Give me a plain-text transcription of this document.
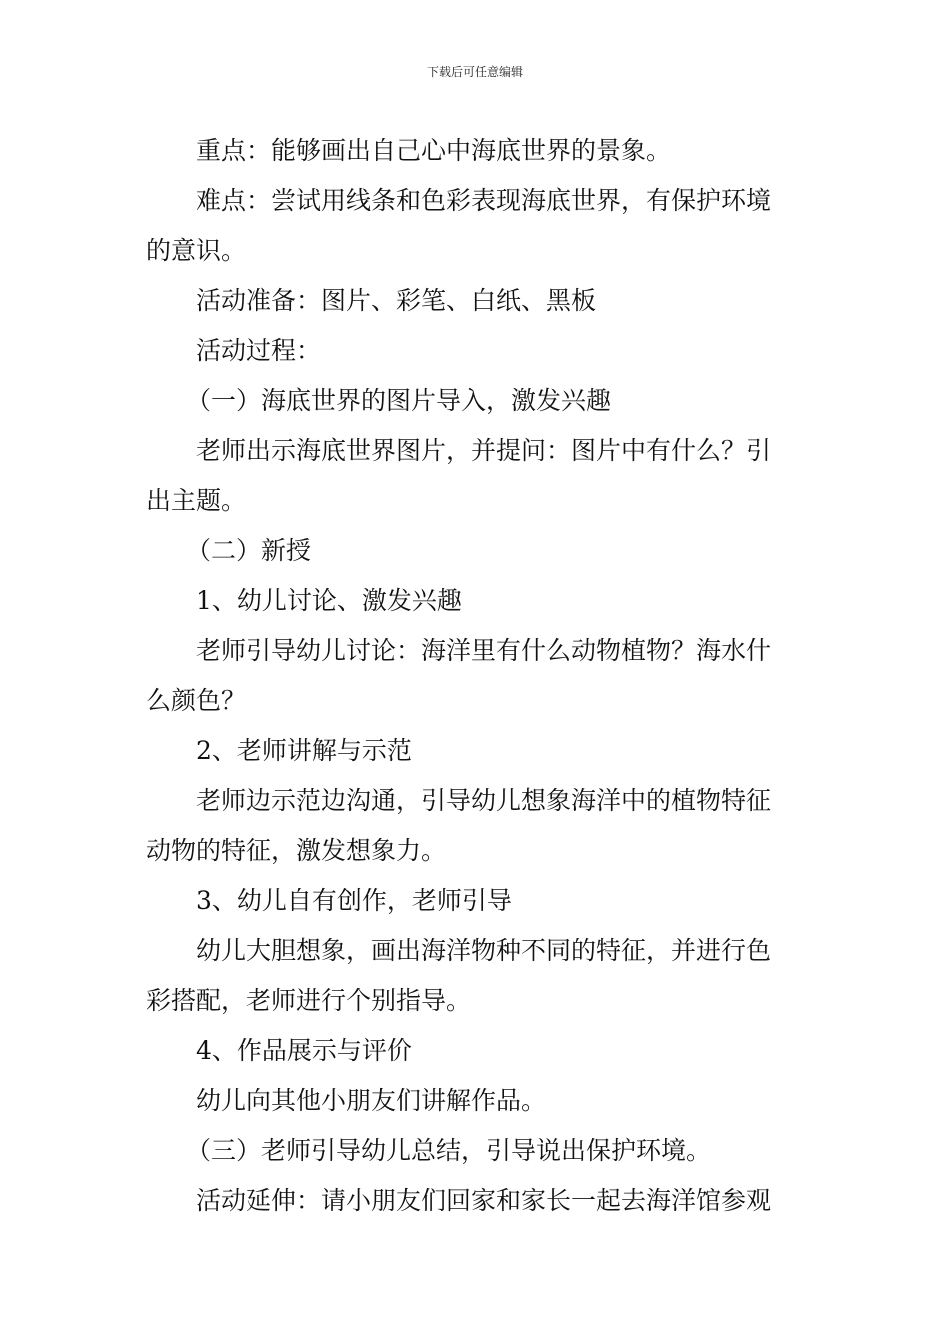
下载后可任意编辑

重点：能够画出自己心中海底世界的景象。

难点：尝试用线条和色彩表现海底世界，有保护环境

的意识。

活动准备：图片、彩笔、白纸、黑板

活动过程：

（一）海底世界的图片导入，激发兴趣

老师出示海底世界图片，并提问：图片中有什么？引

出主题。

（二）新授

1、幼儿讨论、激发兴趣

老师引导幼儿讨论：海洋里有什么动物植物？海水什

么颜色？

2、老师讲解与示范

老师边示范边沟通，引导幼儿想象海洋中的植物特征

动物的特征，激发想象力。

3、幼儿自有创作，老师引导

幼儿大胆想象，画出海洋物种不同的特征，并进行色

彩搭配，老师进行个别指导。

4、作品展示与评价

幼儿向其他小朋友们讲解作品。

（三）老师引导幼儿总结，引导说出保护环境。

活动延伸：请小朋友们回家和家长一起去海洋馆参观
